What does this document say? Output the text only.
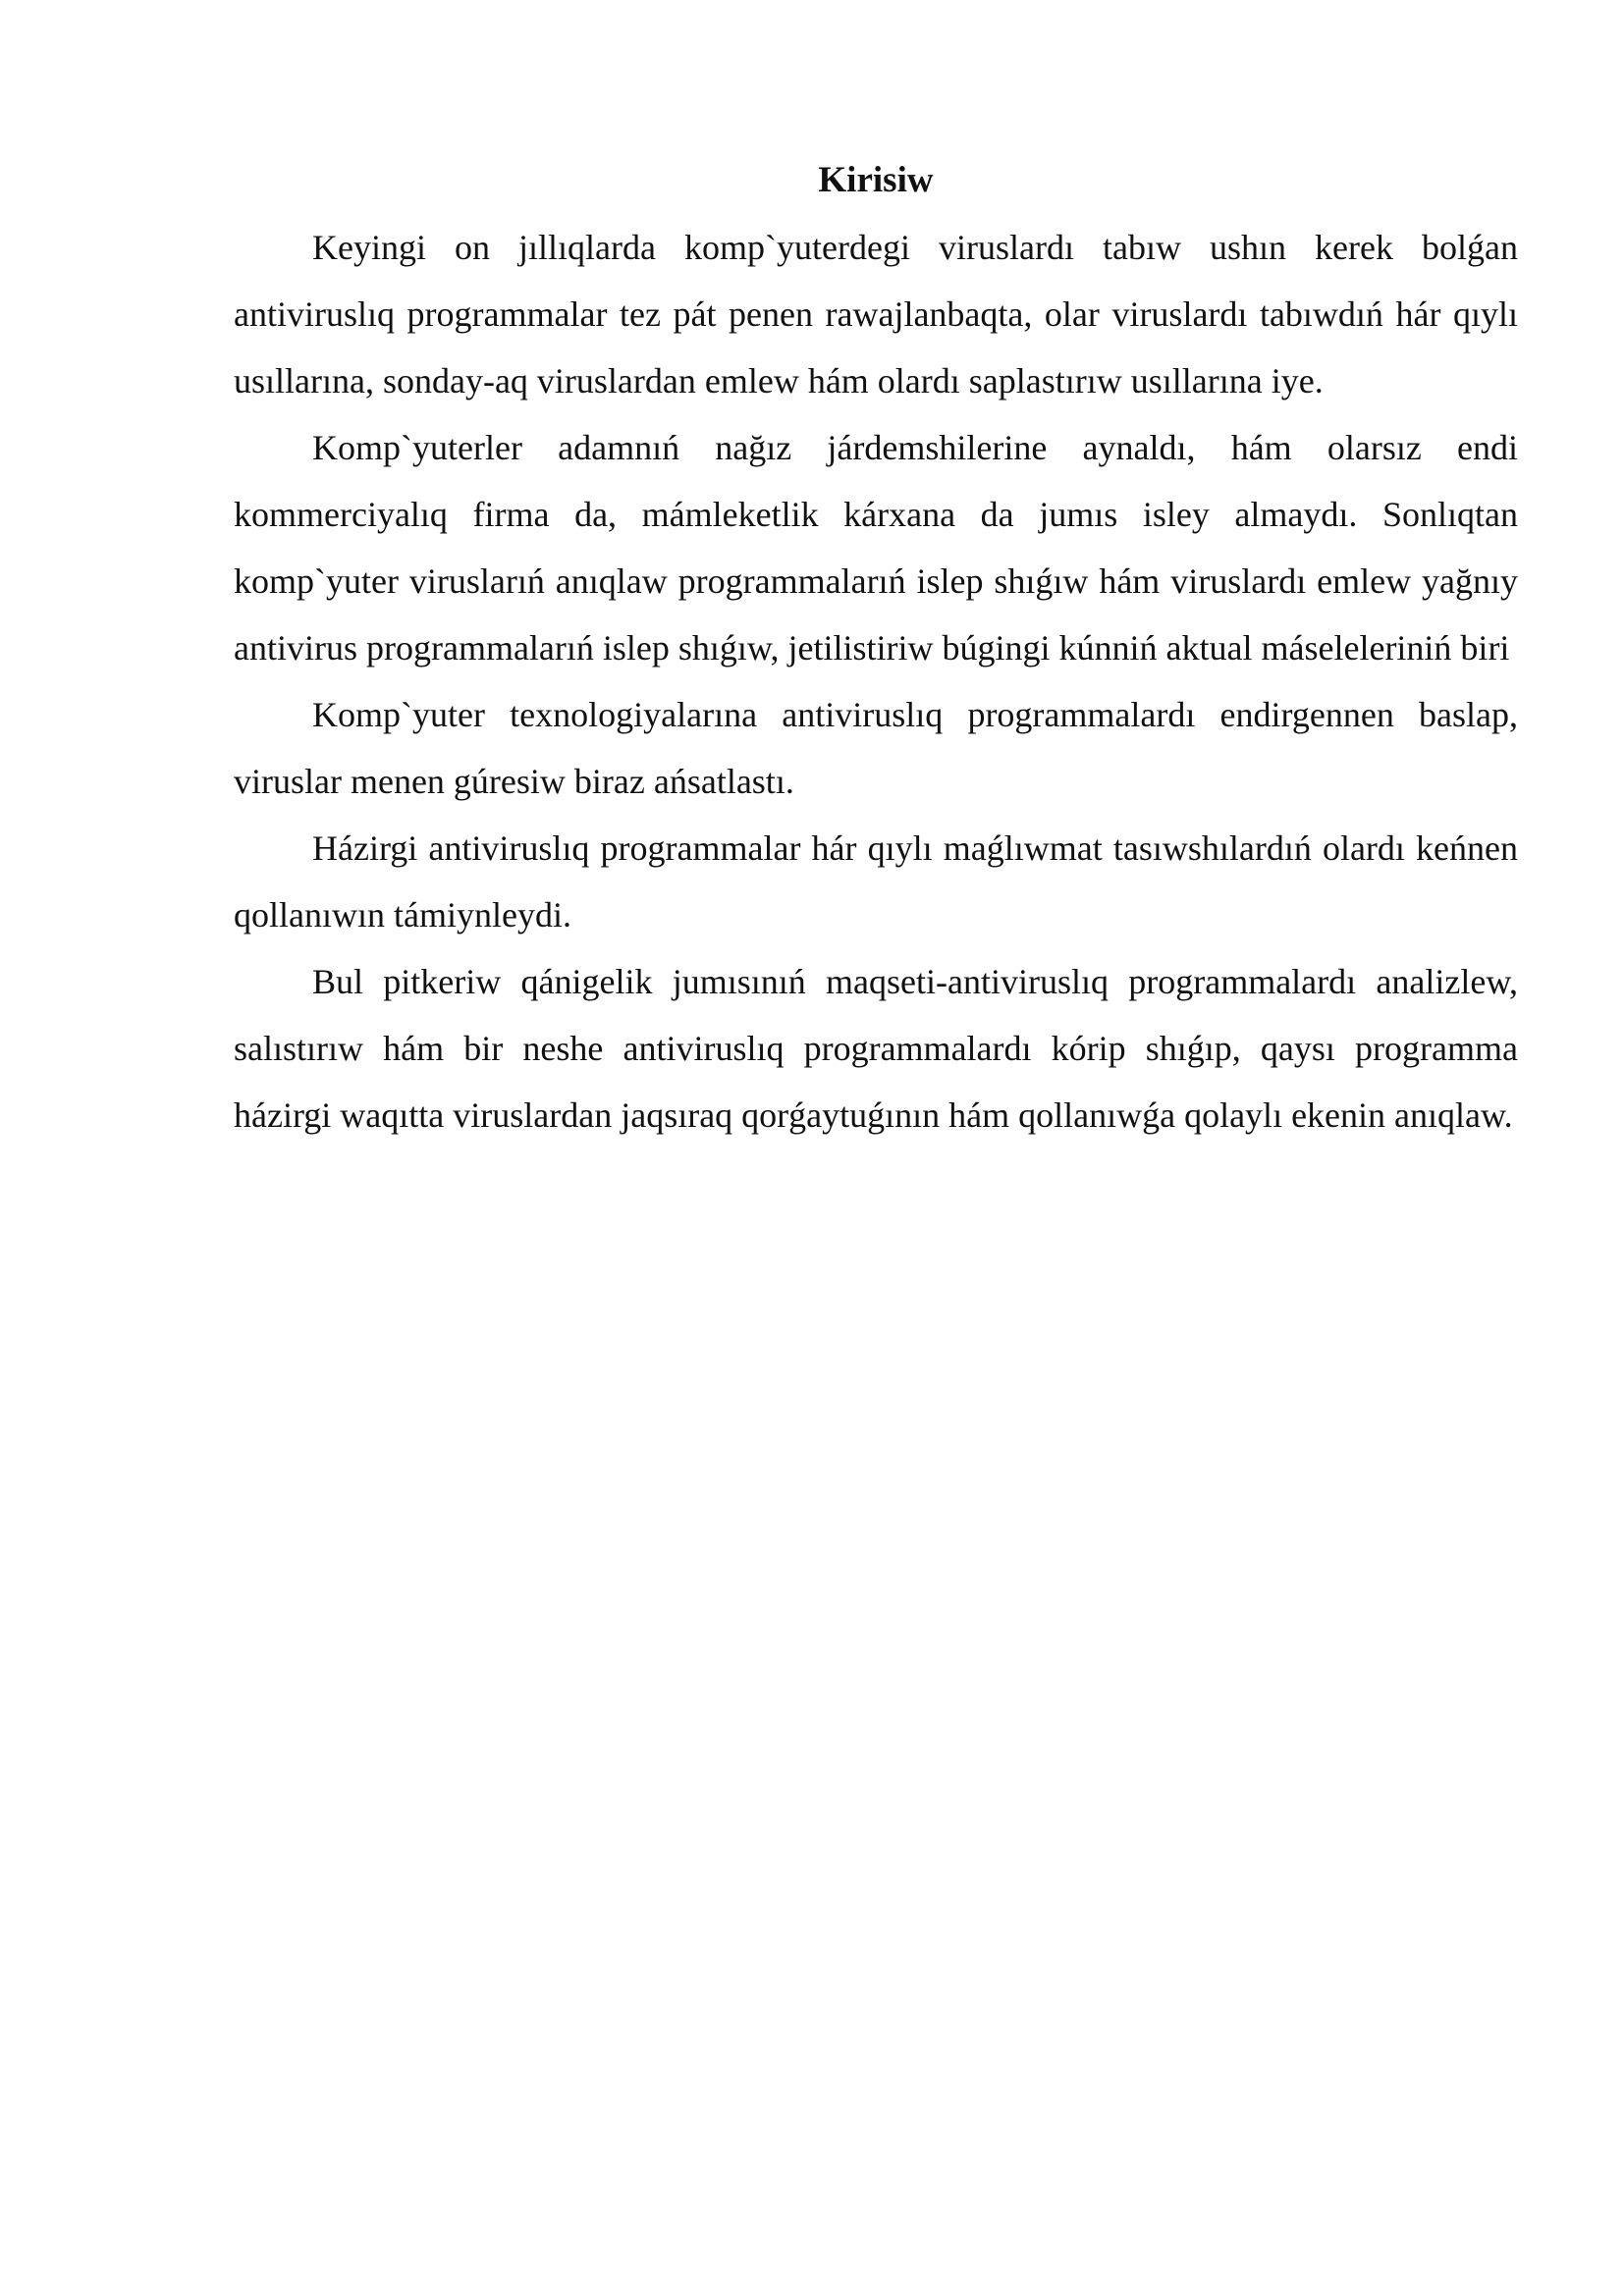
Kirisiw

Keyingi on jıllıqlarda komp`yuterdegi viruslardı tabıw ushın kerek bolǵan antiviruslıq programmalar tez pát penen rawajlanbaqta, olar viruslardı tabıwdıń hár qıylı usıllarına, sonday-aq viruslardan emlew hám olardı saplastırıw usıllarına iye.

Komp`yuterler adamnıń nağız járdemshilerine aynaldı, hám olarsız endi kommerciyalıq firma da, mámleketlik kárxana da jumıs isley almaydı. Sonlıqtan komp`yuter viruslarıń anıqlaw programmalarıń islep shıǵıw hám viruslardı emlew yağnıy antivirus programmalarıń islep shıǵıw, jetilistiriw búgingi kúnniń aktual máseleleriniń biri

Komp`yuter texnologiyalarına antiviruslıq programmalardı endirgennen baslap, viruslar menen gúresiw biraz ańsatlastı.

Házirgi antiviruslıq programmalar hár qıylı maǵlıwmat tasıwshılardıń olardı keńnen qollanıwın támiynleydi.

Bul pitkeriw qánigelik jumısınıń maqseti-antiviruslıq programmalardı analizlew, salıstırıw hám bir neshe antiviruslıq programmalardı kórip shıǵıp, qaysı programma házirgi waqıtta viruslardan jaqsıraq qorǵaytuǵının hám qollanıwǵa qolaylı ekenin anıqlaw.
